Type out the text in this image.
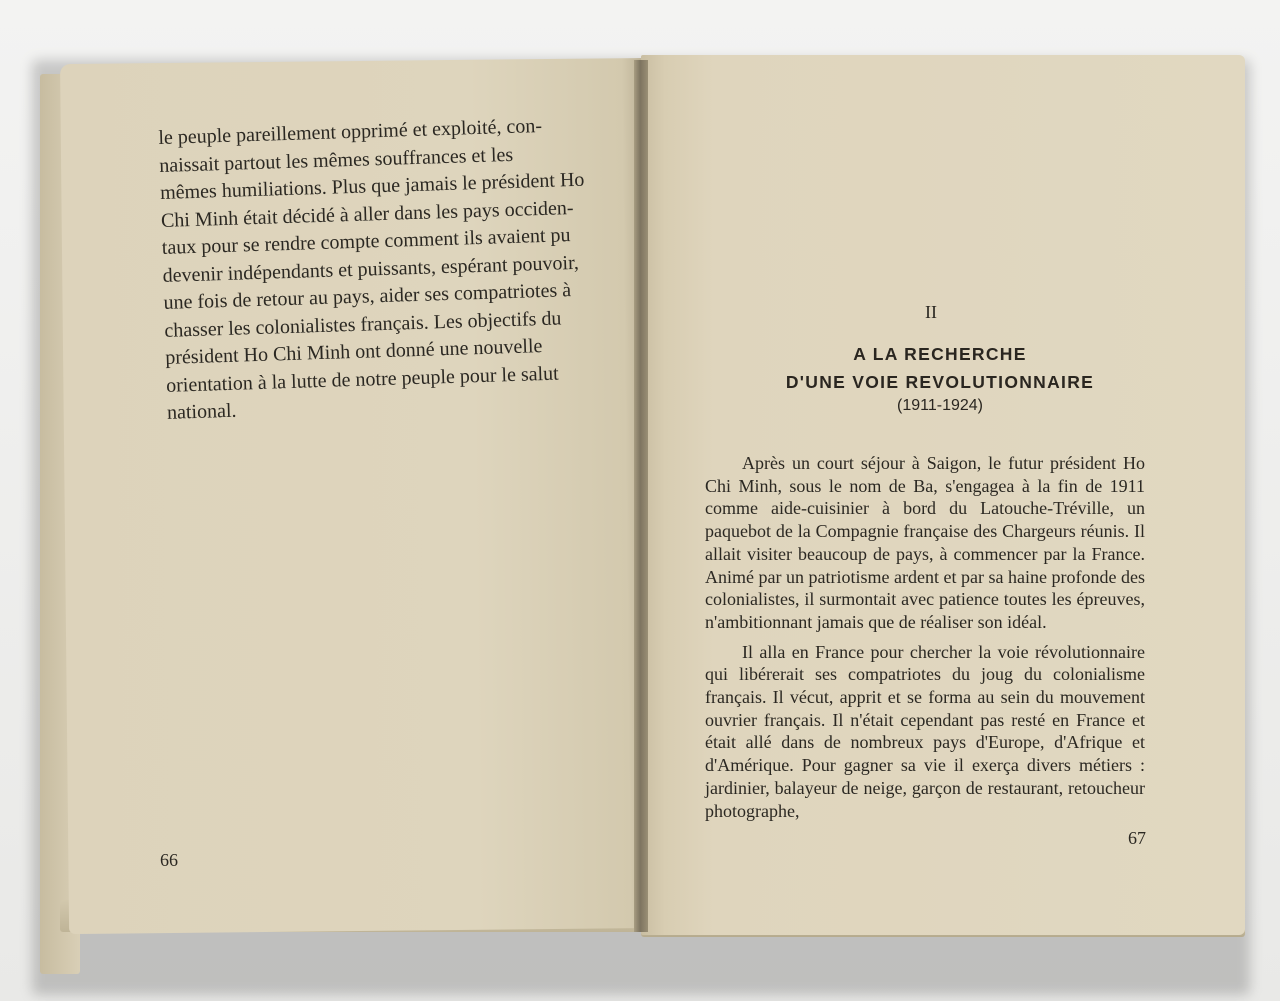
le peuple pareillement opprimé et exploité, con-

naissait partout les mêmes souffrances et les

mêmes humiliations. Plus que jamais le président Ho

Chi Minh était décidé à aller dans les pays occiden-

taux pour se rendre compte comment ils avaient pu

devenir indépendants et puissants, espérant pouvoir,

une fois de retour au pays, aider ses compatriotes à

chasser les colonialistes français. Les objectifs du

président Ho Chi Minh ont donné une nouvelle

orientation à la lutte de notre peuple pour le salut

national.

66
II
A LA RECHERCHE
D'UNE VOIE REVOLUTIONNAIRE
(1911-1924)

Après un court séjour à Saigon, le futur président Ho Chi Minh, sous le nom de Ba, s'engagea à la fin de 1911 comme aide-cuisinier à bord du Latouche-Tréville, un paquebot de la Compagnie française des Chargeurs réunis. Il allait visiter beaucoup de pays, à commencer par la France. Animé par un patriotisme ardent et par sa haine profonde des colonialistes, il surmontait avec patience toutes les épreuves, n'ambitionnant jamais que de réaliser son idéal.

Il alla en France pour chercher la voie révolutionnaire qui libérerait ses compatriotes du joug du colonialisme français. Il vécut, apprit et se forma au sein du mouvement ouvrier français. Il n'était cependant pas resté en France et était allé dans de nombreux pays d'Europe, d'Afrique et d'Amérique. Pour gagner sa vie il exerça divers métiers : jardinier, balayeur de neige, garçon de restaurant, retoucheur photographe,

67
